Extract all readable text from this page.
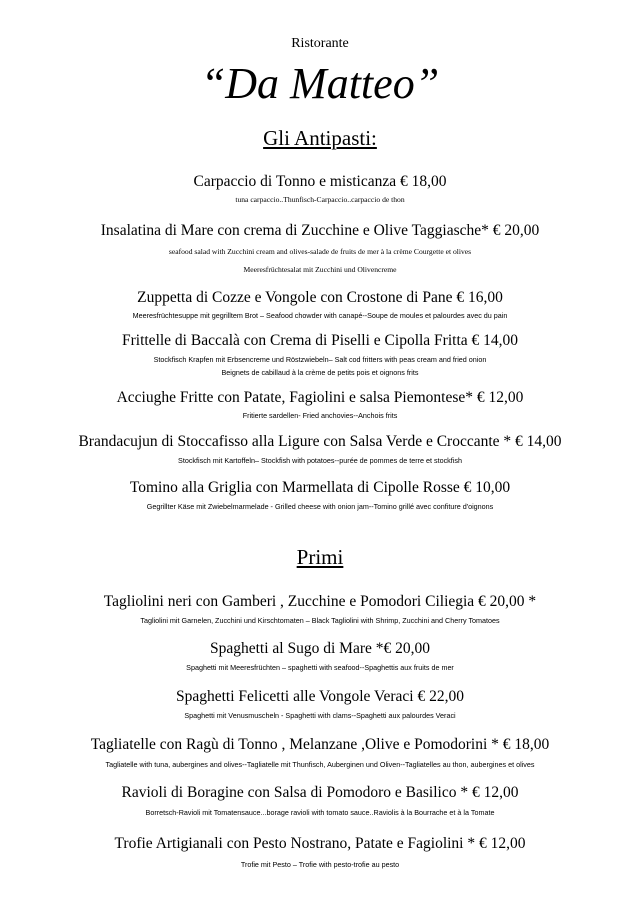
Ristorante
“Da Matteo”
Gli Antipasti:
Carpaccio di Tonno e misticanza € 18,00
tuna carpaccio..Thunfisch-Carpaccio..carpaccio de thon
Insalatina di Mare con crema di Zucchine e Olive Taggiasche* € 20,00
seafood salad with Zucchini cream and olives-salade de fruits de mer à la crème Courgette et olives
Meeresfrüchtesalat mit Zucchini und Olivencreme
Zuppetta di Cozze e Vongole con Crostone di Pane € 16,00
Meeresfrüchtesuppe mit gegrilltem Brot – Seafood chowder with canapé--Soupe de moules et palourdes avec du pain
Frittelle di Baccalà con Crema di Piselli e Cipolla Fritta € 14,00
Stockfisch Krapfen mit Erbsencreme und Röstzwiebeln– Salt cod fritters with peas cream and fried onion
Beignets de cabillaud à la crème de petits pois et oignons frits
Acciughe Fritte con Patate, Fagiolini e salsa Piemontese* € 12,00
Fritierte sardellen- Fried anchovies--Anchois frits
Brandacujun di Stoccafisso alla Ligure con Salsa Verde e Croccante * € 14,00
Stockfisch mit Kartoffeln– Stockfish with potatoes--purée de pommes de terre et stockfish
Tomino alla Griglia con Marmellata di Cipolle Rosse € 10,00
Gegrillter Käse mit Zwiebelmarmelade - Grilled cheese with onion jam--Tomino grillé avec confiture d'oignons
Primi
Tagliolini neri con Gamberi , Zucchine e Pomodori Ciliegia € 20,00 *
Tagliolini mit Garnelen, Zucchini und Kirschtomaten – Black Tagliolini with Shrimp, Zucchini and Cherry Tomatoes
Spaghetti al Sugo di Mare *€ 20,00
Spaghetti mit Meeresfrüchten – spaghetti with seafood--Spaghettis aux fruits de mer
Spaghetti Felicetti alle Vongole Veraci € 22,00
Spaghetti mit Venusmuscheln - Spaghetti with clams--Spaghetti aux palourdes Veraci
Tagliatelle con Ragù di Tonno , Melanzane ,Olive e Pomodorini * € 18,00
Tagliatelle with tuna, aubergines and olives--Tagliatelle mit Thunfisch, Auberginen und Oliven--Tagliatelles au thon, aubergines et olives
Ravioli di Boragine con Salsa di Pomodoro e Basilico * € 12,00
Borretsch-Ravioli mit Tomatensauce...borage ravioli with tomato sauce..Raviolis à la Bourrache et à la Tomate
Trofie Artigianali con Pesto Nostrano, Patate e Fagiolini * € 12,00
Trofie mit Pesto – Trofie with pesto-trofie au pesto
